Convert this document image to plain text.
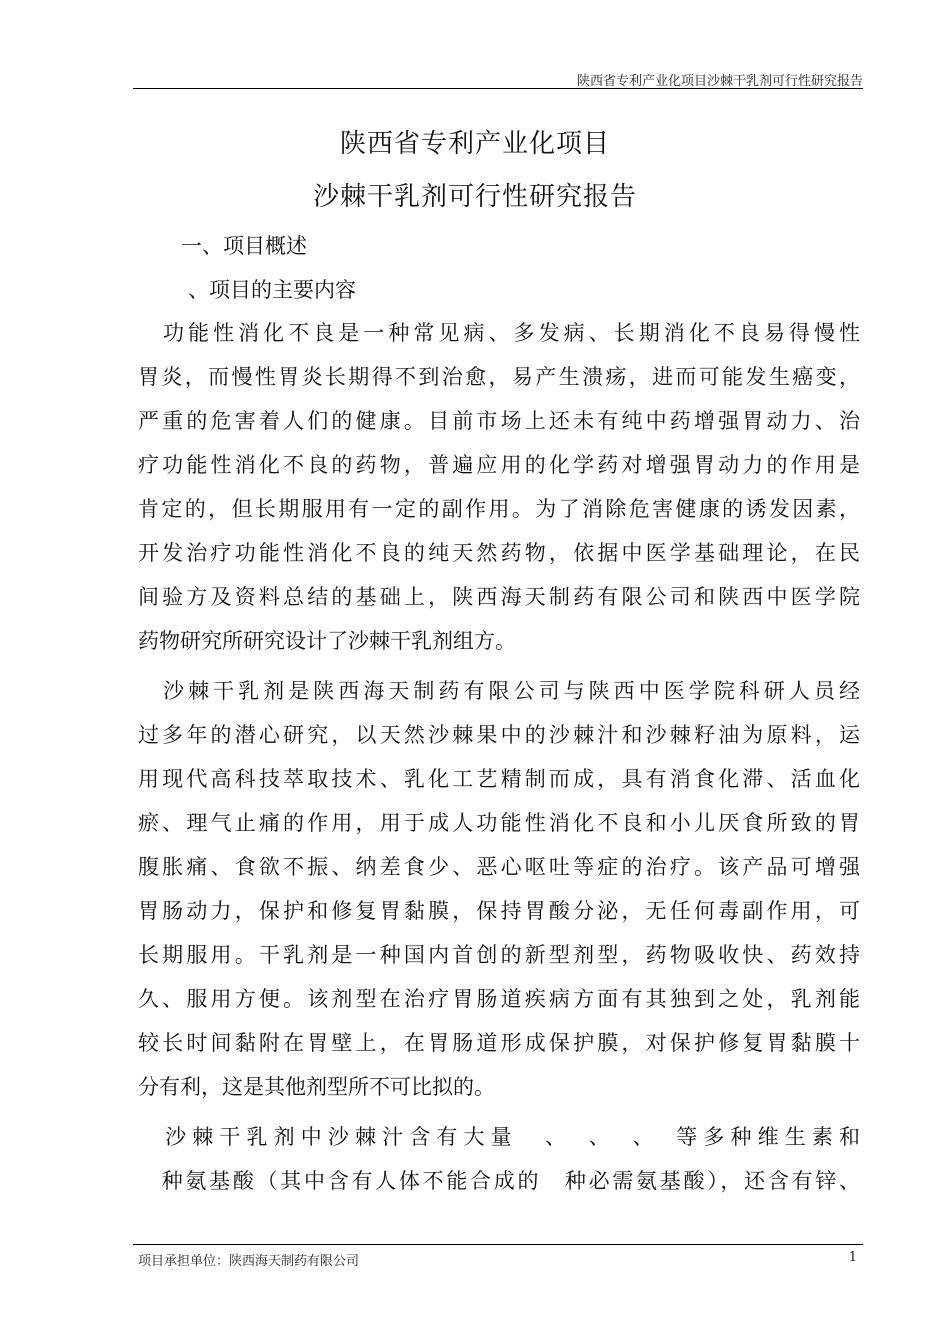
陕西省专利产业化项目沙棘干乳剂可行性研究报告
陕西省专利产业化项目
沙棘干乳剂可行性研究报告
一、项目概述
、项目的主要内容
　功能性消化不良是一种常见病、多发病、长期消化不良易得慢性
胃炎，而慢性胃炎长期得不到治愈，易产生溃疡，进而可能发生癌变，
严重的危害着人们的健康。目前市场上还未有纯中药增强胃动力、治
疗功能性消化不良的药物，普遍应用的化学药对增强胃动力的作用是
肯定的，但长期服用有一定的副作用。为了消除危害健康的诱发因素，
开发治疗功能性消化不良的纯天然药物，依据中医学基础理论，在民
间验方及资料总结的基础上，陕西海天制药有限公司和陕西中医学院
药物研究所研究设计了沙棘干乳剂组方。
　沙棘干乳剂是陕西海天制药有限公司与陕西中医学院科研人员经
过多年的潜心研究，以天然沙棘果中的沙棘汁和沙棘籽油为原料，运
用现代高科技萃取技术、乳化工艺精制而成，具有消食化滞、活血化
瘀、理气止痛的作用，用于成人功能性消化不良和小儿厌食所致的胃
腹胀痛、食欲不振、纳差食少、恶心呕吐等症的治疗。该产品可增强
胃肠动力，保护和修复胃黏膜，保持胃酸分泌，无任何毒副作用，可
长期服用。干乳剂是一种国内首创的新型剂型，药物吸收快、药效持
久、服用方便。该剂型在治疗胃肠道疾病方面有其独到之处，乳剂能
较长时间黏附在胃壁上，在胃肠道形成保护膜，对保护修复胃黏膜十
分有利，这是其他剂型所不可比拟的。
　沙棘干乳剂中沙棘汁含有大量　、　、　、　等多种维生素和
　种氨基酸（其中含有人体不能合成的　种必需氨基酸），还含有锌、
项目承担单位：陕西海天制药有限公司	1
